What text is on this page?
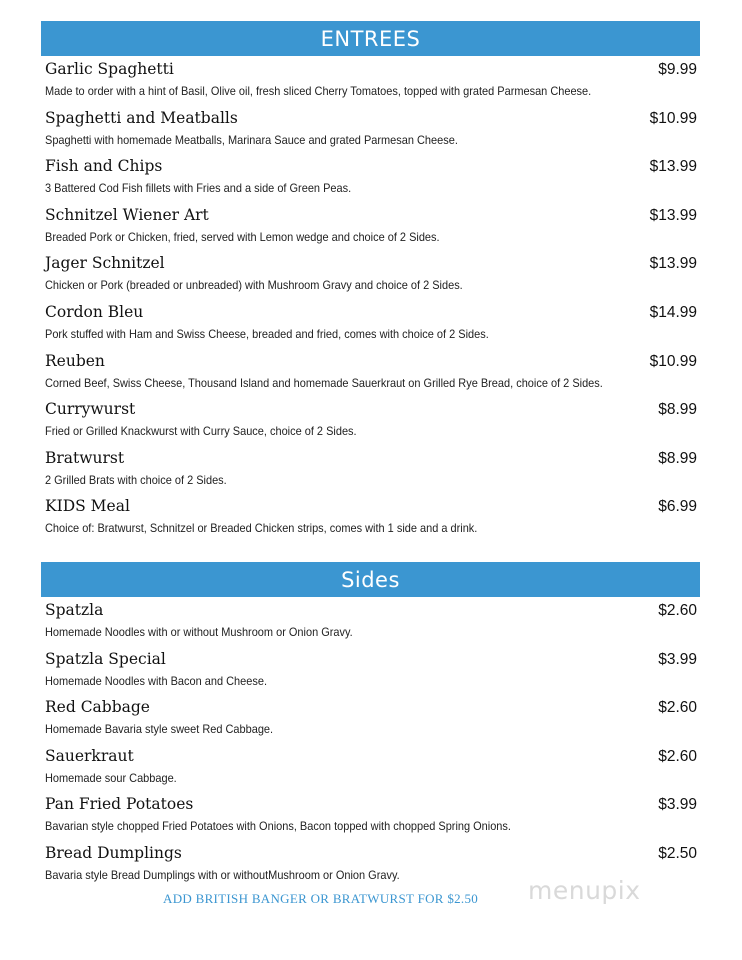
ENTREES
Garlic Spaghetti	$9.99
Made to order with a hint of Basil, Olive oil, fresh sliced Cherry Tomatoes, topped with grated Parmesan Cheese.
Spaghetti and Meatballs	$10.99
Spaghetti with homemade Meatballs, Marinara Sauce and grated Parmesan Cheese.
Fish and Chips	$13.99
3 Battered Cod Fish fillets with Fries and a side of Green Peas.
Schnitzel Wiener Art	$13.99
Breaded Pork or Chicken, fried, served with Lemon wedge and choice of 2 Sides.
Jager Schnitzel	$13.99
Chicken or Pork (breaded or unbreaded) with Mushroom Gravy and choice of 2 Sides.
Cordon Bleu	$14.99
Pork stuffed with Ham and Swiss Cheese, breaded and fried, comes with choice of 2 Sides.
Reuben	$10.99
Corned Beef, Swiss Cheese, Thousand Island and homemade Sauerkraut on Grilled Rye Bread, choice of 2 Sides.
Currywurst	$8.99
Fried or Grilled Knackwurst with Curry Sauce, choice of 2 Sides.
Bratwurst	$8.99
2 Grilled Brats with choice of 2 Sides.
KIDS Meal	$6.99
Choice of: Bratwurst, Schnitzel or Breaded Chicken strips, comes with 1 side and a drink.
Sides
Spatzla	$2.60
Homemade Noodles with or without Mushroom or Onion Gravy.
Spatzla Special	$3.99
Homemade Noodles with Bacon and Cheese.
Red Cabbage	$2.60
Homemade Bavaria style sweet Red Cabbage.
Sauerkraut	$2.60
Homemade sour Cabbage.
Pan Fried Potatoes	$3.99
Bavarian style chopped Fried Potatoes with Onions, Bacon topped with chopped Spring Onions.
Bread Dumplings	$2.50
Bavaria style Bread Dumplings with or withoutMushroom or Onion Gravy.
ADD BRITISH BANGER OR BRATWURST FOR $2.50 menupix
